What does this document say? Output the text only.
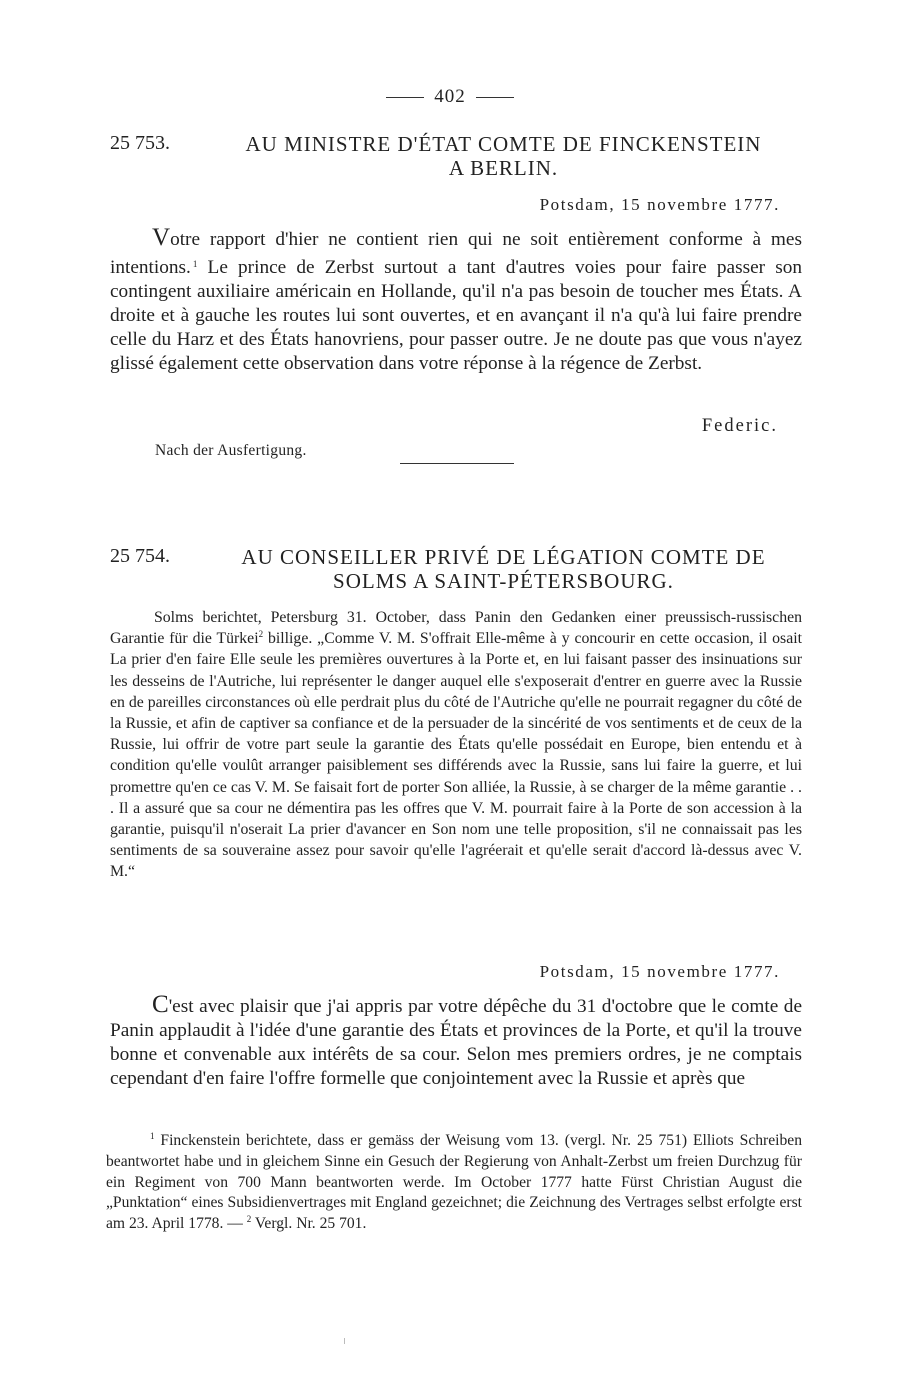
402
25 753.	AU MINISTRE D'ÉTAT COMTE DE FINCKENSTEIN
A BERLIN.
Potsdam, 15 novembre 1777.

Votre rapport d'hier ne contient rien qui ne soit entièrement conforme à mes intentions. $^1$ Le prince de Zerbst surtout a tant d'autres voies pour faire passer son contingent auxiliaire américain en Hollande, qu'il n'a pas besoin de toucher mes États. A droite et à gauche les routes lui sont ouvertes, et en avançant il n'a qu'à lui faire prendre celle du Harz et des États hanovriens, pour passer outre. Je ne doute pas que vous n'ayez glissé également cette observation dans votre réponse à la régence de Zerbst.

Federic.
Nach der Ausfertigung.
25 754.	AU CONSEILLER PRIVÉ DE LÉGATION COMTE DE
SOLMS A SAINT-PÉTERSBOURG.

Solms berichtet, Petersburg 31. October, dass Panin den Gedanken einer preussisch-russischen Garantie für die Türkei$^2$ billige. „Comme V. M. S'offrait Elle-même à y concourir en cette occasion, il osait La prier d'en faire Elle seule les premières ouvertures à la Porte et, en lui faisant passer des insinuations sur les desseins de l'Autriche, lui représenter le danger auquel elle s'exposerait d'entrer en guerre avec la Russie en de pareilles circonstances où elle perdrait plus du côté de l'Autriche qu'elle ne pourrait regagner du côté de la Russie, et afin de captiver sa confiance et de la persuader de la sincérité de vos sentiments et de ceux de la Russie, lui offrir de votre part seule la garantie des États qu'elle possédait en Europe, bien entendu et à condition qu'elle voulût arranger paisiblement ses différends avec la Russie, sans lui faire la guerre, et lui promettre qu'en ce cas V. M. Se faisait fort de porter Son alliée, la Russie, à se charger de la même garantie . . . Il a assuré que sa cour ne démentira pas les offres que V. M. pourrait faire à la Porte de son accession à la garantie, puisqu'il n'oserait La prier d'avancer en Son nom une telle proposition, s'il ne connaissait pas les sentiments de sa souveraine assez pour savoir qu'elle l'agréerait et qu'elle serait d'accord là-dessus avec V. M.“

Potsdam, 15 novembre 1777.

C'est avec plaisir que j'ai appris par votre dépêche du 31 d'octobre que le comte de Panin applaudit à l'idée d'une garantie des États et provinces de la Porte, et qu'il la trouve bonne et convenable aux intérêts de sa cour. Selon mes premiers ordres, je ne comptais cependant d'en faire l'offre formelle que conjointement avec la Russie et après que

$^1$ Finckenstein berichtete, dass er gemäss der Weisung vom 13. (vergl. Nr. 25 751) Elliots Schreiben beantwortet habe und in gleichem Sinne ein Gesuch der Regierung von Anhalt-Zerbst um freien Durchzug für ein Regiment von 700 Mann beantworten werde. Im October 1777 hatte Fürst Christian August die „Punktation“ eines Subsidienvertrages mit England gezeichnet; die Zeichnung des Vertrages selbst erfolgte erst am 23. April 1778. — $^2$ Vergl. Nr. 25 701.
